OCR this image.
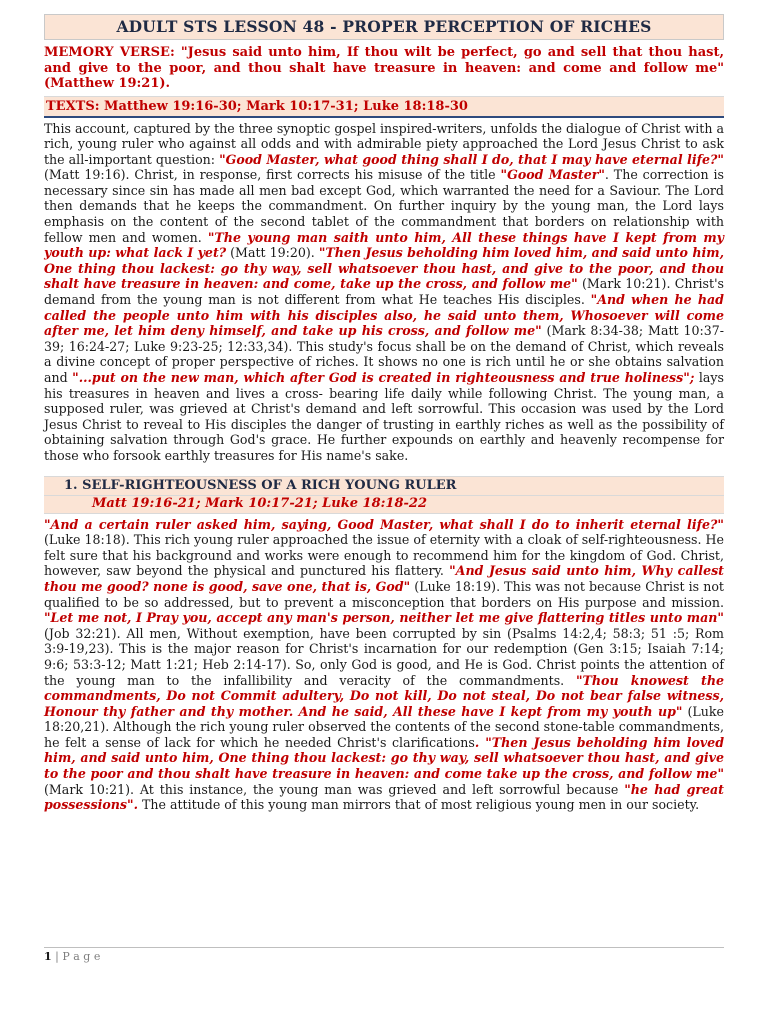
ADULT STS LESSON 48 - PROPER PERCEPTION OF RICHES
MEMORY VERSE: "Jesus said unto him, If thou wilt be perfect, go and sell that thou hast, and give to the poor, and thou shalt have treasure in heaven: and come and follow me" (Matthew 19:21).
TEXTS: Matthew 19:16-30; Mark 10:17-31; Luke 18:18-30
This account, captured by the three synoptic gospel inspired-writers, unfolds the dialogue of Christ with a rich, young ruler who against all odds and with admirable piety approached the Lord Jesus Christ to ask the all-important question: "Good Master, what good thing shall I do, that I may have eternal life?" (Matt 19:16). Christ, in response, first corrects his misuse of the title "Good Master". The correction is necessary since sin has made all men bad except God, which warranted the need for a Saviour. The Lord then demands that he keeps the commandment. On further inquiry by the young man, the Lord lays emphasis on the content of the second tablet of the commandment that borders on relationship with fellow men and women. "The young man saith unto him, All these things have I kept from my youth up: what lack I yet? (Matt 19:20). "Then Jesus beholding him loved him, and said unto him, One thing thou lackest: go thy way, sell whatsoever thou hast, and give to the poor, and thou shalt have treasure in heaven: and come, take up the cross, and follow me" (Mark 10:21). Christ's demand from the young man is not different from what He teaches His disciples. "And when he had called the people unto him with his disciples also, he said unto them, Whosoever will come after me, let him deny himself, and take up his cross, and follow me" (Mark 8:34-38; Matt 10:37-39; 16:24-27; Luke 9:23-25; 12:33,34). This study's focus shall be on the demand of Christ, which reveals a divine concept of proper perspective of riches. It shows no one is rich until he or she obtains salvation and "...put on the new man, which after God is created in righteousness and true holiness"; lays his treasures in heaven and lives a cross- bearing life daily while following Christ. The young man, a supposed ruler, was grieved at Christ's demand and left sorrowful. This occasion was used by the Lord Jesus Christ to reveal to His disciples the danger of trusting in earthly riches as well as the possibility of obtaining salvation through God's grace. He further expounds on earthly and heavenly recompense for those who forsook earthly treasures for His name's sake.
1. SELF-RIGHTEOUSNESS OF A RICH YOUNG RULER
Matt 19:16-21; Mark 10:17-21; Luke 18:18-22
"And a certain ruler asked him, saying, Good Master, what shall I do to inherit eternal life?" (Luke 18:18). This rich young ruler approached the issue of eternity with a cloak of self-righteousness. He felt sure that his background and works were enough to recommend him for the kingdom of God. Christ, however, saw beyond the physical and punctured his flattery. "And Jesus said unto him, Why callest thou me good? none is good, save one, that is, God" (Luke 18:19). This was not because Christ is not qualified to be so addressed, but to prevent a misconception that borders on His purpose and mission. "Let me not, I Pray you, accept any man's person, neither let me give flattering titles unto man" (Job 32:21). All men, Without exemption, have been corrupted by sin (Psalms 14:2,4; 58:3; 51 :5; Rom 3:9-19,23). This is the major reason for Christ's incarnation for our redemption (Gen 3:15; Isaiah 7:14; 9:6; 53:3-12; Matt 1:21; Heb 2:14-17). So, only God is good, and He is God. Christ points the attention of the young man to the infallibility and veracity of the commandments. "Thou knowest the commandments, Do not Commit adultery, Do not kill, Do not steal, Do not bear false witness, Honour thy father and thy mother. And he said, All these have I kept from my youth up" (Luke 18:20,21). Although the rich young ruler observed the contents of the second stone-table commandments, he felt a sense of lack for which he needed Christ's clarifications. "Then Jesus beholding him loved him, and said unto him, One thing thou lackest: go thy way, sell whatsoever thou hast, and give to the poor and thou shalt have treasure in heaven: and come take up the cross, and follow me" (Mark 10:21). At this instance, the young man was grieved and left sorrowful because "he had great possessions". The attitude of this young man mirrors that of most religious young men in our society.
1 | P a g e
